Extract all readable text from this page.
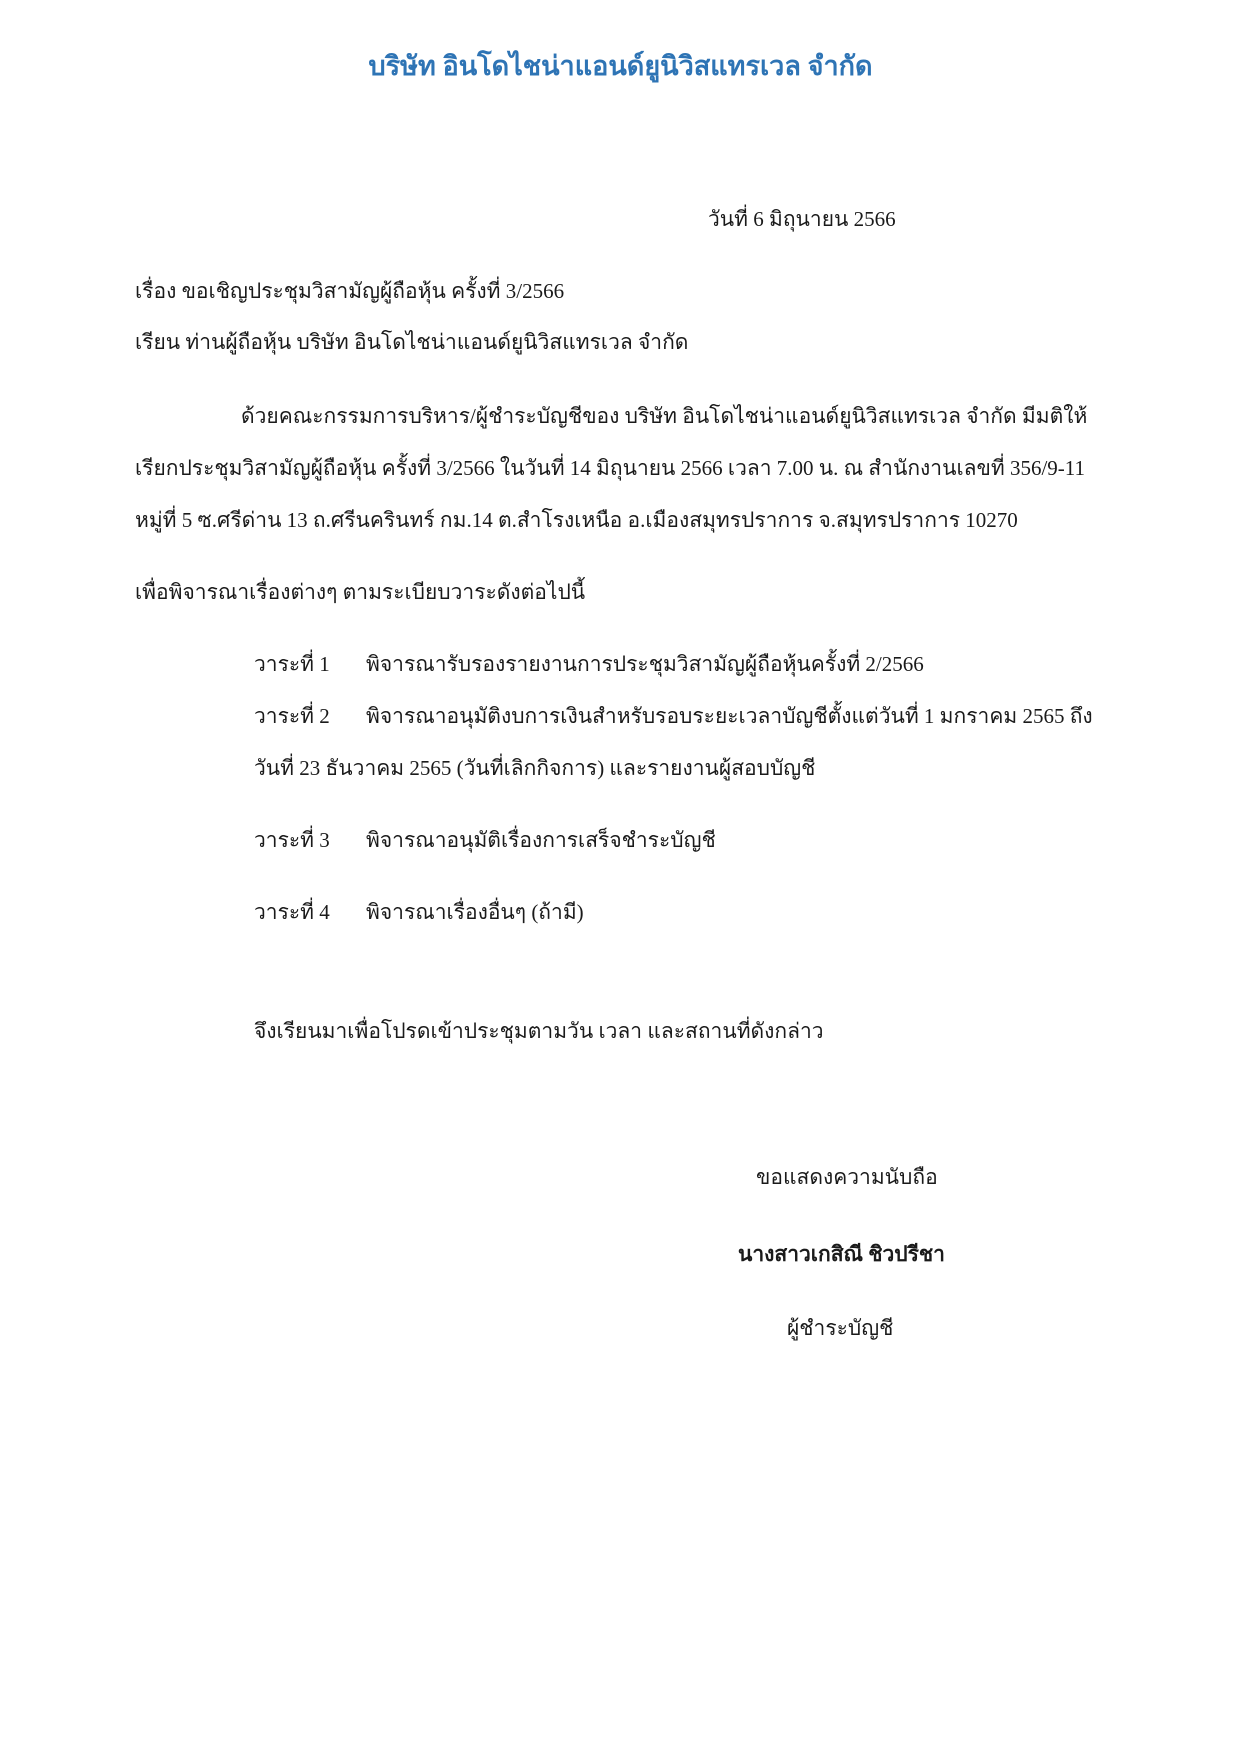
บริษัท อินโดไชน่าแอนด์ยูนิวิสแทรเวล จำกัด
วันที่ 6 มิถุนายน 2566
เรื่อง ขอเชิญประชุมวิสามัญผู้ถือหุ้น ครั้งที่ 3/2566
เรียน ท่านผู้ถือหุ้น บริษัท อินโดไชน่าแอนด์ยูนิวิสแทรเวล จำกัด
ด้วยคณะกรรมการบริหาร/ผู้ชำระบัญชีของ บริษัท อินโดไชน่าแอนด์ยูนิวิสแทรเวล จำกัด มีมติให้
เรียกประชุมวิสามัญผู้ถือหุ้น ครั้งที่ 3/2566 ในวันที่ 14 มิถุนายน 2566 เวลา 7.00 น. ณ สำนักงานเลขที่ 356/9-11
หมู่ที่ 5 ซ.ศรีด่าน 13 ถ.ศรีนครินทร์ กม.14 ต.สำโรงเหนือ อ.เมืองสมุทรปราการ จ.สมุทรปราการ 10270
เพื่อพิจารณาเรื่องต่างๆ ตามระเบียบวาระดังต่อไปนี้
วาระที่ 1 พิจารณารับรองรายงานการประชุมวิสามัญผู้ถือหุ้นครั้งที่ 2/2566
วาระที่ 2 พิจารณาอนุมัติงบการเงินสำหรับรอบระยะเวลาบัญชีตั้งแต่วันที่ 1 มกราคม 2565 ถึง
วันที่ 23 ธันวาคม 2565 (วันที่เลิกกิจการ) และรายงานผู้สอบบัญชี
วาระที่ 3 พิจารณาอนุมัติเรื่องการเสร็จชำระบัญชี
วาระที่ 4 พิจารณาเรื่องอื่นๆ (ถ้ามี)
จึงเรียนมาเพื่อโปรดเข้าประชุมตามวัน เวลา และสถานที่ดังกล่าว
ขอแสดงความนับถือ
นางสาวเกสิณี ชิวปรีชา
ผู้ชำระบัญชี
